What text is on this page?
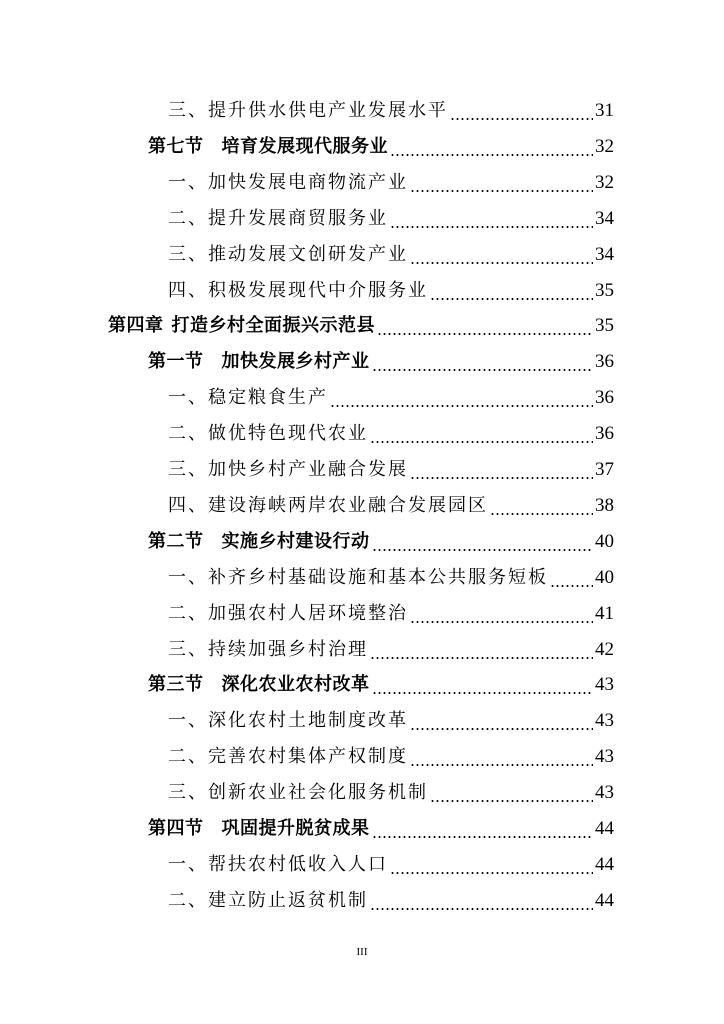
三、提升供水供电产业发展水平	31
第七节 培育发展现代服务业	32
一、加快发展电商物流产业	32
二、提升发展商贸服务业	34
三、推动发展文创研发产业	34
四、积极发展现代中介服务业	35
第四章 打造乡村全面振兴示范县	35
第一节 加快发展乡村产业	36
一、稳定粮食生产	36
二、做优特色现代农业	36
三、加快乡村产业融合发展	37
四、建设海峡两岸农业融合发展园区	38
第二节 实施乡村建设行动	40
一、补齐乡村基础设施和基本公共服务短板 40
二、加强农村人居环境整治	41
三、持续加强乡村治理	42
第三节 深化农业农村改革	43
一、深化农村土地制度改革	43
二、完善农村集体产权制度	43
三、创新农业社会化服务机制	43
第四节 巩固提升脱贫成果	44
一、帮扶农村低收入人口	44
二、建立防止返贫机制	44
III
